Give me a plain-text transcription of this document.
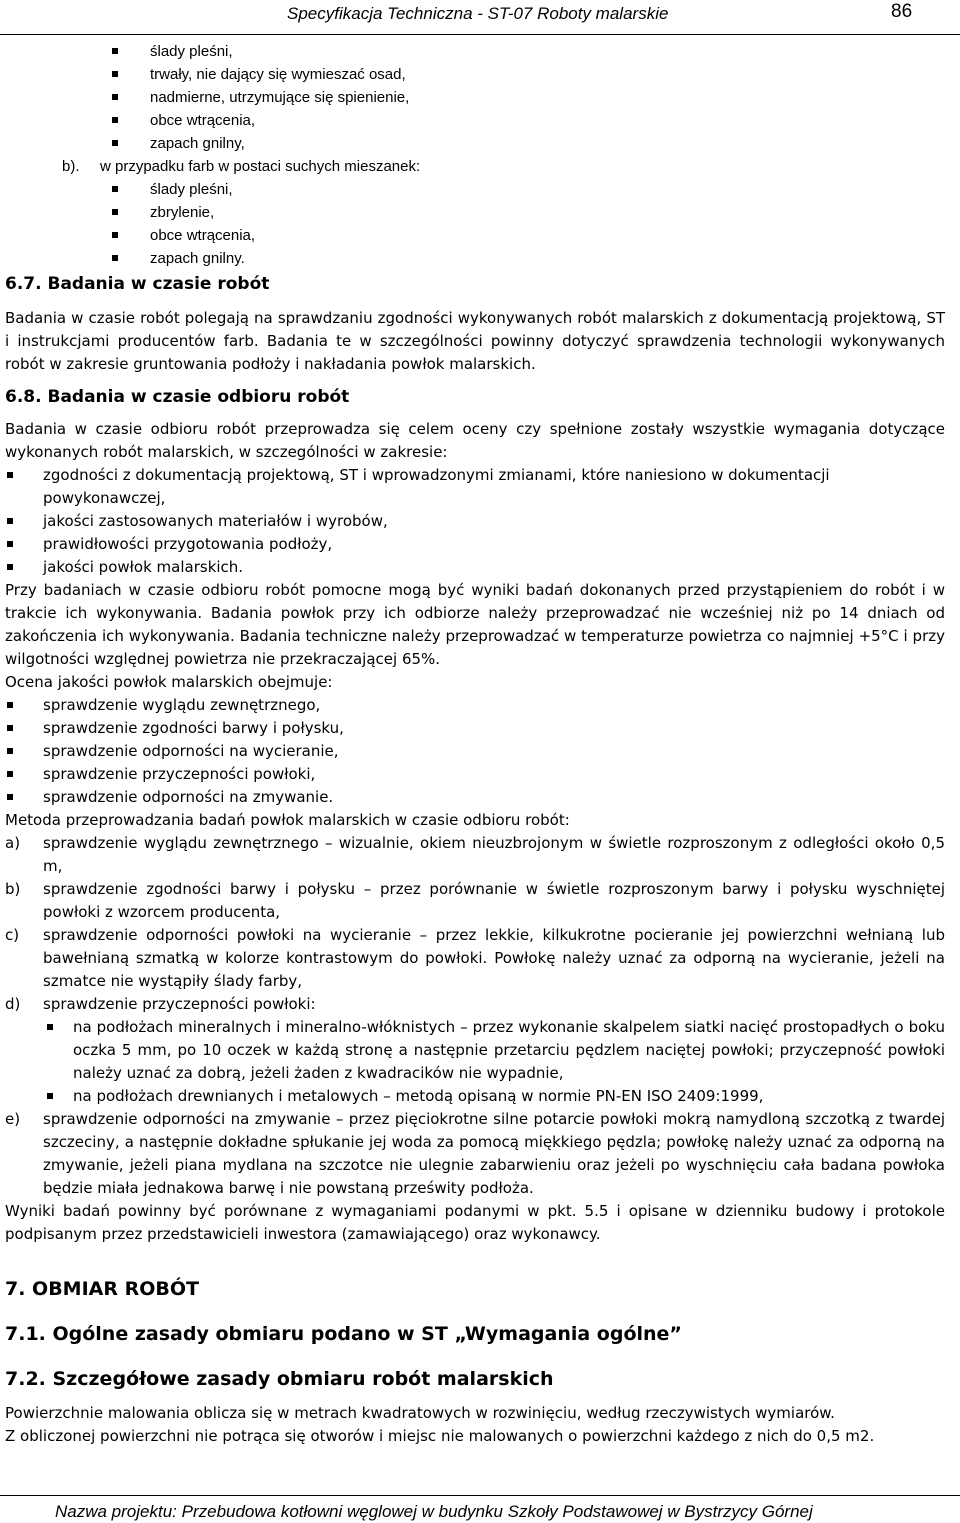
Specyfikacja Techniczna - ST-07 Roboty malarskie	86
ślady pleśni,
trwały, nie dający się wymieszać osad,
nadmierne, utrzymujące się spienienie,
obce wtrącenia,
zapach gnilny,
b). w przypadku farb w postaci suchych mieszanek:
ślady pleśni,
zbrylenie,
obce wtrącenia,
zapach gnilny.
6.7. Badania w czasie robót

Badania w czasie robót polegają na sprawdzaniu zgodności wykonywanych robót malarskich z dokumentacją projektową, ST i instrukcjami producentów farb. Badania te w szczególności powinny dotyczyć sprawdzenia technologii wykonywanych robót w zakresie gruntowania podłoży i nakładania powłok malarskich.

6.8. Badania w czasie odbioru robót

Badania w czasie odbioru robót przeprowadza się celem oceny czy spełnione zostały wszystkie wymagania dotyczące wykonanych robót malarskich, w szczególności w zakresie:

zgodności z dokumentacją projektową, ST i wprowadzonymi zmianami, które naniesiono w dokumentacji powykonawczej,
jakości zastosowanych materiałów i wyrobów,
prawidłowości przygotowania podłoży,
jakości powłok malarskich.

Przy badaniach w czasie odbioru robót pomocne mogą być wyniki badań dokonanych przed przystąpieniem do robót i w trakcie ich wykonywania. Badania powłok przy ich odbiorze należy przeprowadzać nie wcześniej niż po 14 dniach od zakończenia ich wykonywania. Badania techniczne należy przeprowadzać w temperaturze powietrza co najmniej +5°C i przy wilgotności względnej powietrza nie przekraczającej 65%.

Ocena jakości powłok malarskich obejmuje:

sprawdzenie wyglądu zewnętrznego,
sprawdzenie zgodności barwy i połysku,
sprawdzenie odporności na wycieranie,
sprawdzenie przyczepności powłoki,
sprawdzenie odporności na zmywanie.

Metoda przeprowadzania badań powłok malarskich w czasie odbioru robót:

a) sprawdzenie wyglądu zewnętrznego – wizualnie, okiem nieuzbrojonym w świetle rozproszonym z odległości około 0,5 m,
b) sprawdzenie zgodności barwy i połysku – przez porównanie w świetle rozproszonym barwy i połysku wyschniętej powłoki z wzorcem producenta,
c) sprawdzenie odporności powłoki na wycieranie – przez lekkie, kilkukrotne pocieranie jej powierzchni wełnianą lub bawełnianą szmatką w kolorze kontrastowym do powłoki. Powłokę należy uznać za odporną na wycieranie, jeżeli na szmatce nie wystąpiły ślady farby,
d) sprawdzenie przyczepności powłoki:
na podłożach mineralnych i mineralno-włóknistych – przez wykonanie skalpelem siatki nacięć prostopadłych o boku oczka 5 mm, po 10 oczek w każdą stronę a następnie przetarciu pędzlem naciętej powłoki; przyczepność powłoki należy uznać za dobrą, jeżeli żaden z kwadracików nie wypadnie,
na podłożach drewnianych i metalowych – metodą opisaną w normie PN-EN ISO 2409:1999,
e) sprawdzenie odporności na zmywanie – przez pięciokrotne silne potarcie powłoki mokrą namydloną szczotką z twardej szczeciny, a następnie dokładne spłukanie jej woda za pomocą miękkiego pędzla; powłokę należy uznać za odporną na zmywanie, jeżeli piana mydlana na szczotce nie ulegnie zabarwieniu oraz jeżeli po wyschnięciu cała badana powłoka będzie miała jednakowa barwę i nie powstaną prześwity podłoża.

Wyniki badań powinny być porównane z wymaganiami podanymi w pkt. 5.5 i opisane w dzienniku budowy i protokole podpisanym przez przedstawicieli inwestora (zamawiającego) oraz wykonawcy.

7. OBMIAR ROBÓT
7.1. Ogólne zasady obmiaru podano w ST „Wymagania ogólne”
7.2. Szczegółowe zasady obmiaru robót malarskich

Powierzchnie malowania oblicza się w metrach kwadratowych w rozwinięciu, według rzeczywistych wymiarów.

Z obliczonej powierzchni nie potrąca się otworów i miejsc nie malowanych o powierzchni każdego z nich do 0,5 m2.

Nazwa projektu: Przebudowa kotłowni węglowej w budynku Szkoły Podstawowej w Bystrzycy Górnej
